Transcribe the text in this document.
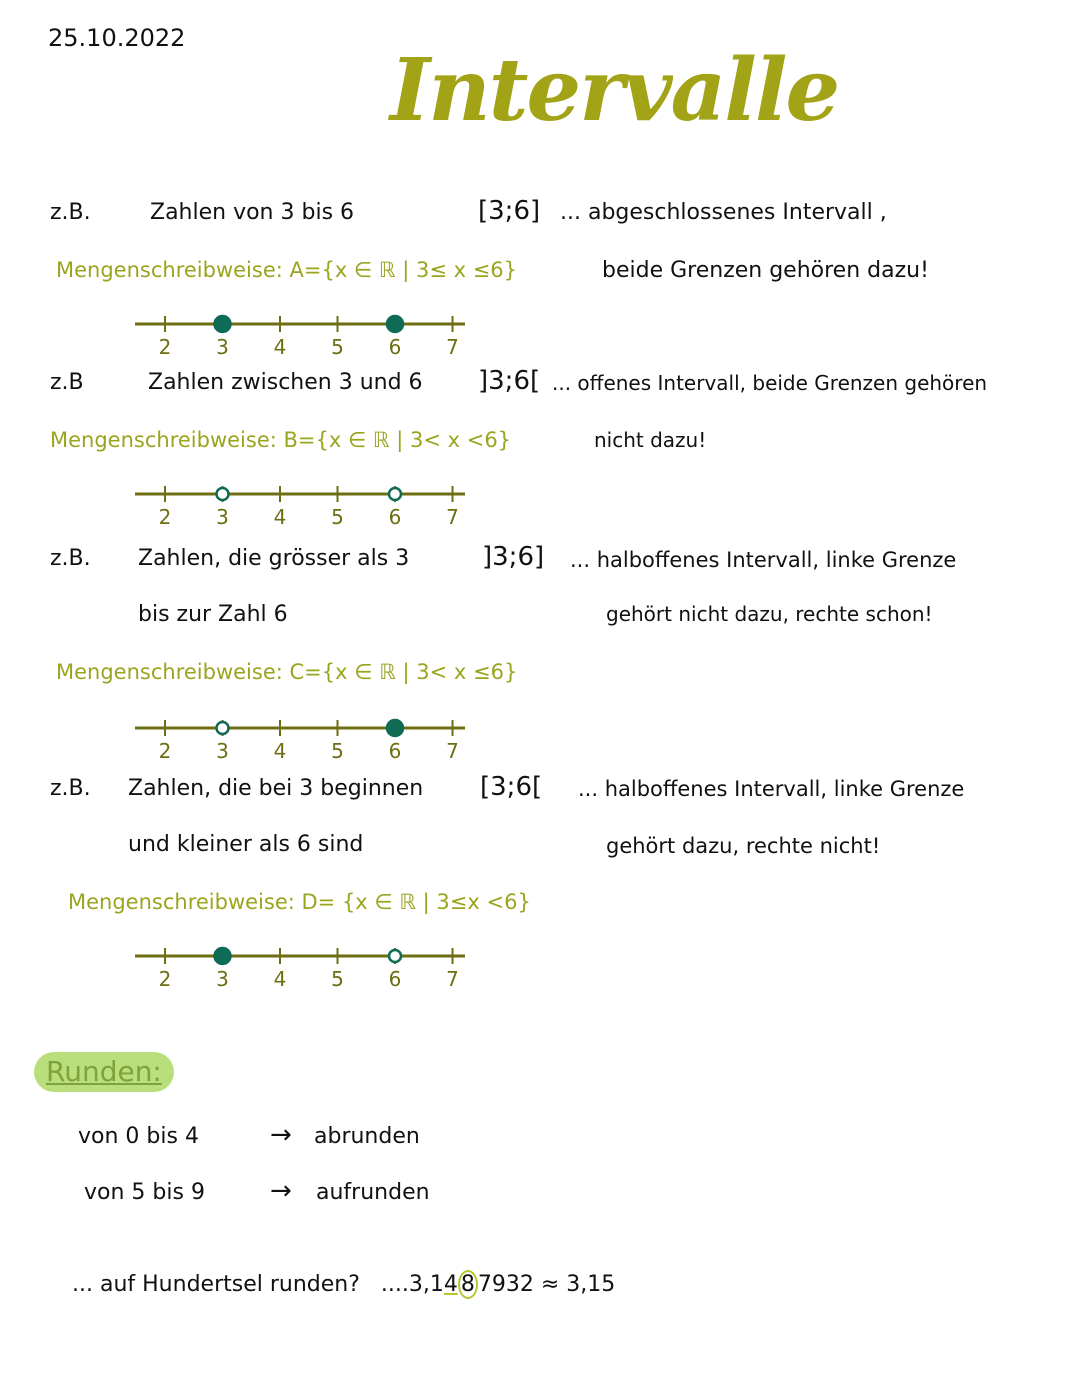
25.10.2022
Intervalle
z.B.	Zahlen von 3 bis 6	[3;6] ... abgeschlossenes Intervall ,
beide Grenzen gehören dazu!
Mengenschreibweise: A={x ∈ ℝ | 3≤ x ≤6}
2 3 4 5 6 7
z.B	Zahlen zwischen 3 und 6 ]3;6[ ... offenes Intervall, beide Grenzen gehören
nicht dazu!
Mengenschreibweise: B={x ∈ ℝ | 3< x <6}
2 3 4 5 6 7
z.B. Zahlen, die grösser als 3
bis zur Zahl 6
]3;6] ... halboffenes Intervall, linke Grenze
gehört nicht dazu, rechte schon!
Mengenschreibweise: C={x ∈ ℝ | 3< x ≤6}
2 3 4 5 6 7
z.B. Zahlen, die bei 3 beginnen
und kleiner als 6 sind
[3;6[ ... halboffenes Intervall, linke Grenze
gehört dazu, rechte nicht!
Mengenschreibweise: D= {x ∈ ℝ | 3≤x <6}
2 3 4 5 6 7
Runden:
von 0 bis 4	→ abrunden
von 5 bis 9	→ aufrunden
... auf Hundertsel runden? ....3,14 8 7932 ≈ 3,15
